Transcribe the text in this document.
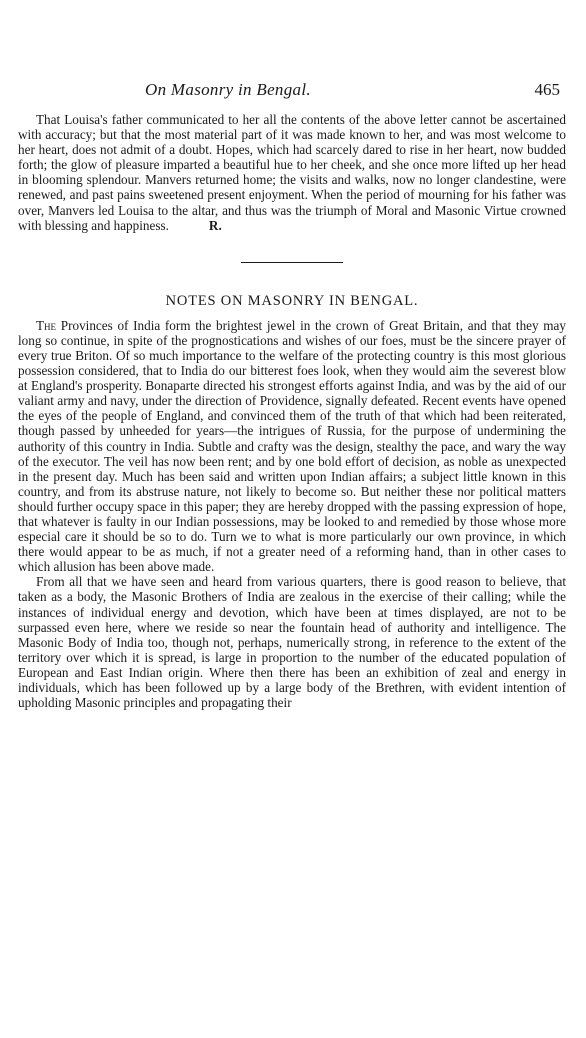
On Masonry in Bengal.	465

That Louisa's father communicated to her all the contents of the above letter cannot be ascertained with accuracy; but that the most material part of it was made known to her, and was most welcome to her heart, does not admit of a doubt. Hopes, which had scarcely dared to rise in her heart, now budded forth; the glow of pleasure imparted a beautiful hue to her cheek, and she once more lifted up her head in blooming splendour. Manvers returned home; the visits and walks, now no longer clandestine, were renewed, and past pains sweetened present enjoyment. When the period of mourning for his father was over, Manvers led Louisa to the altar, and thus was the triumph of Moral and Masonic Virtue crowned with blessing and happiness.	R.

NOTES ON MASONRY IN BENGAL.

The Provinces of India form the brightest jewel in the crown of Great Britain, and that they may long so continue, in spite of the prognostications and wishes of our foes, must be the sincere prayer of every true Briton. Of so much importance to the welfare of the protecting country is this most glorious possession considered, that to India do our bitterest foes look, when they would aim the severest blow at England's prosperity. Bonaparte directed his strongest efforts against India, and was by the aid of our valiant army and navy, under the direction of Providence, signally defeated. Recent events have opened the eyes of the people of England, and convinced them of the truth of that which had been reiterated, though passed by unheeded for years—the intrigues of Russia, for the purpose of undermining the authority of this country in India. Subtle and crafty was the design, stealthy the pace, and wary the way of the executor. The veil has now been rent; and by one bold effort of decision, as noble as unexpected in the present day. Much has been said and written upon Indian affairs; a subject little known in this country, and from its abstruse nature, not likely to become so. But neither these nor political matters should further occupy space in this paper; they are hereby dropped with the passing expression of hope, that whatever is faulty in our Indian possessions, may be looked to and remedied by those whose more especial care it should be so to do. Turn we to what is more particularly our own province, in which there would appear to be as much, if not a greater need of a reforming hand, than in other cases to which allusion has been above made.

From all that we have seen and heard from various quarters, there is good reason to believe, that taken as a body, the Masonic Brothers of India are zealous in the exercise of their calling; while the instances of individual energy and devotion, which have been at times displayed, are not to be surpassed even here, where we reside so near the fountain head of authority and intelligence. The Masonic Body of India too, though not, perhaps, numerically strong, in reference to the extent of the territory over which it is spread, is large in proportion to the number of the educated population of European and East Indian origin. Where then there has been an exhibition of zeal and energy in individuals, which has been followed up by a large body of the Brethren, with evident intention of upholding Masonic principles and propagating their
